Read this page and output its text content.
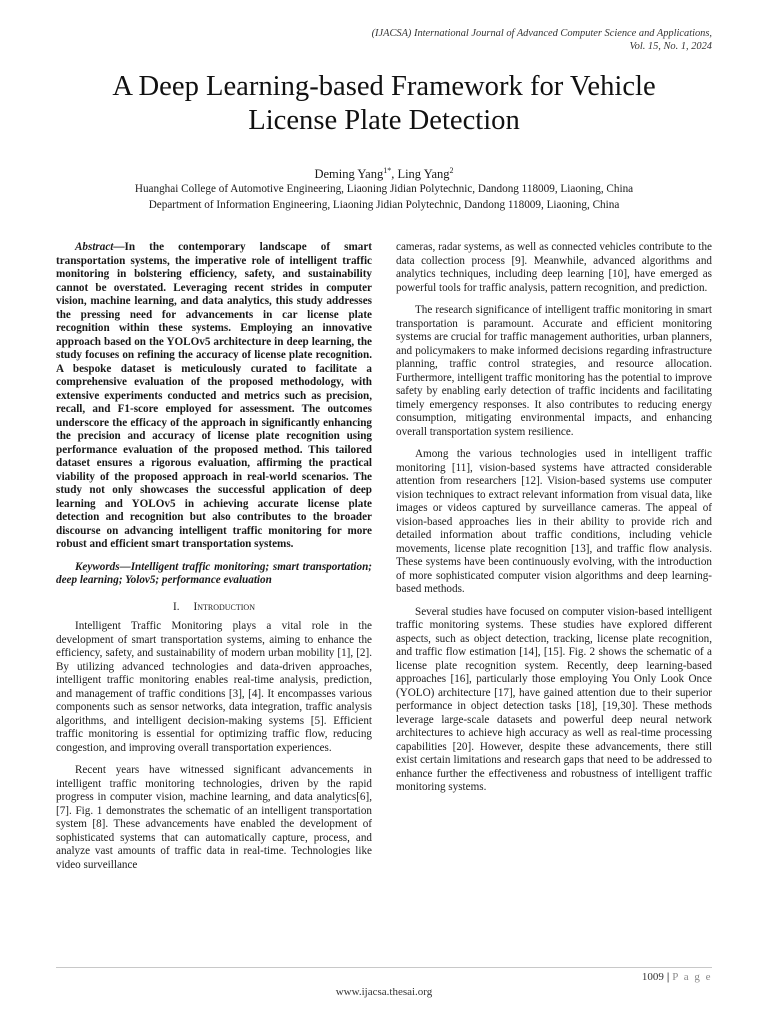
(IJACSA) International Journal of Advanced Computer Science and Applications,
Vol. 15, No. 1, 2024
A Deep Learning-based Framework for Vehicle
License Plate Detection
Deming Yang$^{1*}$, Ling Yang$^2$
Huanghai College of Automotive Engineering, Liaoning Jidian Polytechnic, Dandong 118009, Liaoning, China
Department of Information Engineering, Liaoning Jidian Polytechnic, Dandong 118009, Liaoning, China

Abstract—In the contemporary landscape of smart transportation systems, the imperative role of intelligent traffic monitoring in bolstering efficiency, safety, and sustainability cannot be overstated. Leveraging recent strides in computer vision, machine learning, and data analytics, this study addresses the pressing need for advancements in car license plate recognition within these systems. Employing an innovative approach based on the YOLOv5 architecture in deep learning, the study focuses on refining the accuracy of license plate recognition. A bespoke dataset is meticulously curated to facilitate a comprehensive evaluation of the proposed methodology, with extensive experiments conducted and metrics such as precision, recall, and F1-score employed for assessment. The outcomes underscore the efficacy of the approach in significantly enhancing the precision and accuracy of license plate recognition using performance evaluation of the proposed method. This tailored dataset ensures a rigorous evaluation, affirming the practical viability of the proposed approach in real-world scenarios. The study not only showcases the successful application of deep learning and YOLOv5 in achieving accurate license plate detection and recognition but also contributes to the broader discourse on advancing intelligent traffic monitoring for more robust and efficient smart transportation systems.

Keywords—Intelligent traffic monitoring; smart transportation; deep learning; Yolov5; performance evaluation

I. Introduction

Intelligent Traffic Monitoring plays a vital role in the development of smart transportation systems, aiming to enhance the efficiency, safety, and sustainability of modern urban mobility [1], [2]. By utilizing advanced technologies and data-driven approaches, intelligent traffic monitoring enables real-time analysis, prediction, and management of traffic conditions [3], [4]. It encompasses various components such as sensor networks, data integration, traffic analysis algorithms, and intelligent decision-making systems [5]. Efficient traffic monitoring is essential for optimizing traffic flow, reducing congestion, and improving overall transportation experiences.

Recent years have witnessed significant advancements in intelligent traffic monitoring technologies, driven by the rapid progress in computer vision, machine learning, and data analytics[6], [7]. Fig. 1 demonstrates the schematic of an intelligent transportation system [8]. These advancements have enabled the development of sophisticated systems that can automatically capture, process, and analyze vast amounts of traffic data in real-time. Technologies like video surveillance

cameras, radar systems, as well as connected vehicles contribute to the data collection process [9]. Meanwhile, advanced algorithms and analytics techniques, including deep learning [10], have emerged as powerful tools for traffic analysis, pattern recognition, and prediction.

The research significance of intelligent traffic monitoring in smart transportation is paramount. Accurate and efficient monitoring systems are crucial for traffic management authorities, urban planners, and policymakers to make informed decisions regarding infrastructure planning, traffic control strategies, and resource allocation. Furthermore, intelligent traffic monitoring has the potential to improve safety by enabling early detection of traffic incidents and facilitating timely emergency responses. It also contributes to reducing energy consumption, mitigating environmental impacts, and enhancing overall transportation system resilience.

Among the various technologies used in intelligent traffic monitoring [11], vision-based systems have attracted considerable attention from researchers [12]. Vision-based systems use computer vision techniques to extract relevant information from visual data, like images or videos captured by surveillance cameras. The appeal of vision-based approaches lies in their ability to provide rich and detailed information about traffic conditions, including vehicle movements, license plate recognition [13], and traffic flow analysis. These systems have been continuously evolving, with the introduction of more sophisticated computer vision algorithms and deep learning-based methods.

Several studies have focused on computer vision-based intelligent traffic monitoring systems. These studies have explored different aspects, such as object detection, tracking, license plate recognition, and traffic flow estimation [14], [15]. Fig. 2 shows the schematic of a license plate recognition system. Recently, deep learning-based approaches [16], particularly those employing You Only Look Once (YOLO) architecture [17], have gained attention due to their superior performance in object detection tasks [18], [19,30]. These methods leverage large-scale datasets and powerful deep neural network architectures to achieve high accuracy as well as real-time processing capabilities [20]. However, despite these advancements, there still exist certain limitations and research gaps that need to be addressed to enhance further the effectiveness and robustness of intelligent traffic monitoring systems.

1009 | P a g e
www.ijacsa.thesai.org
